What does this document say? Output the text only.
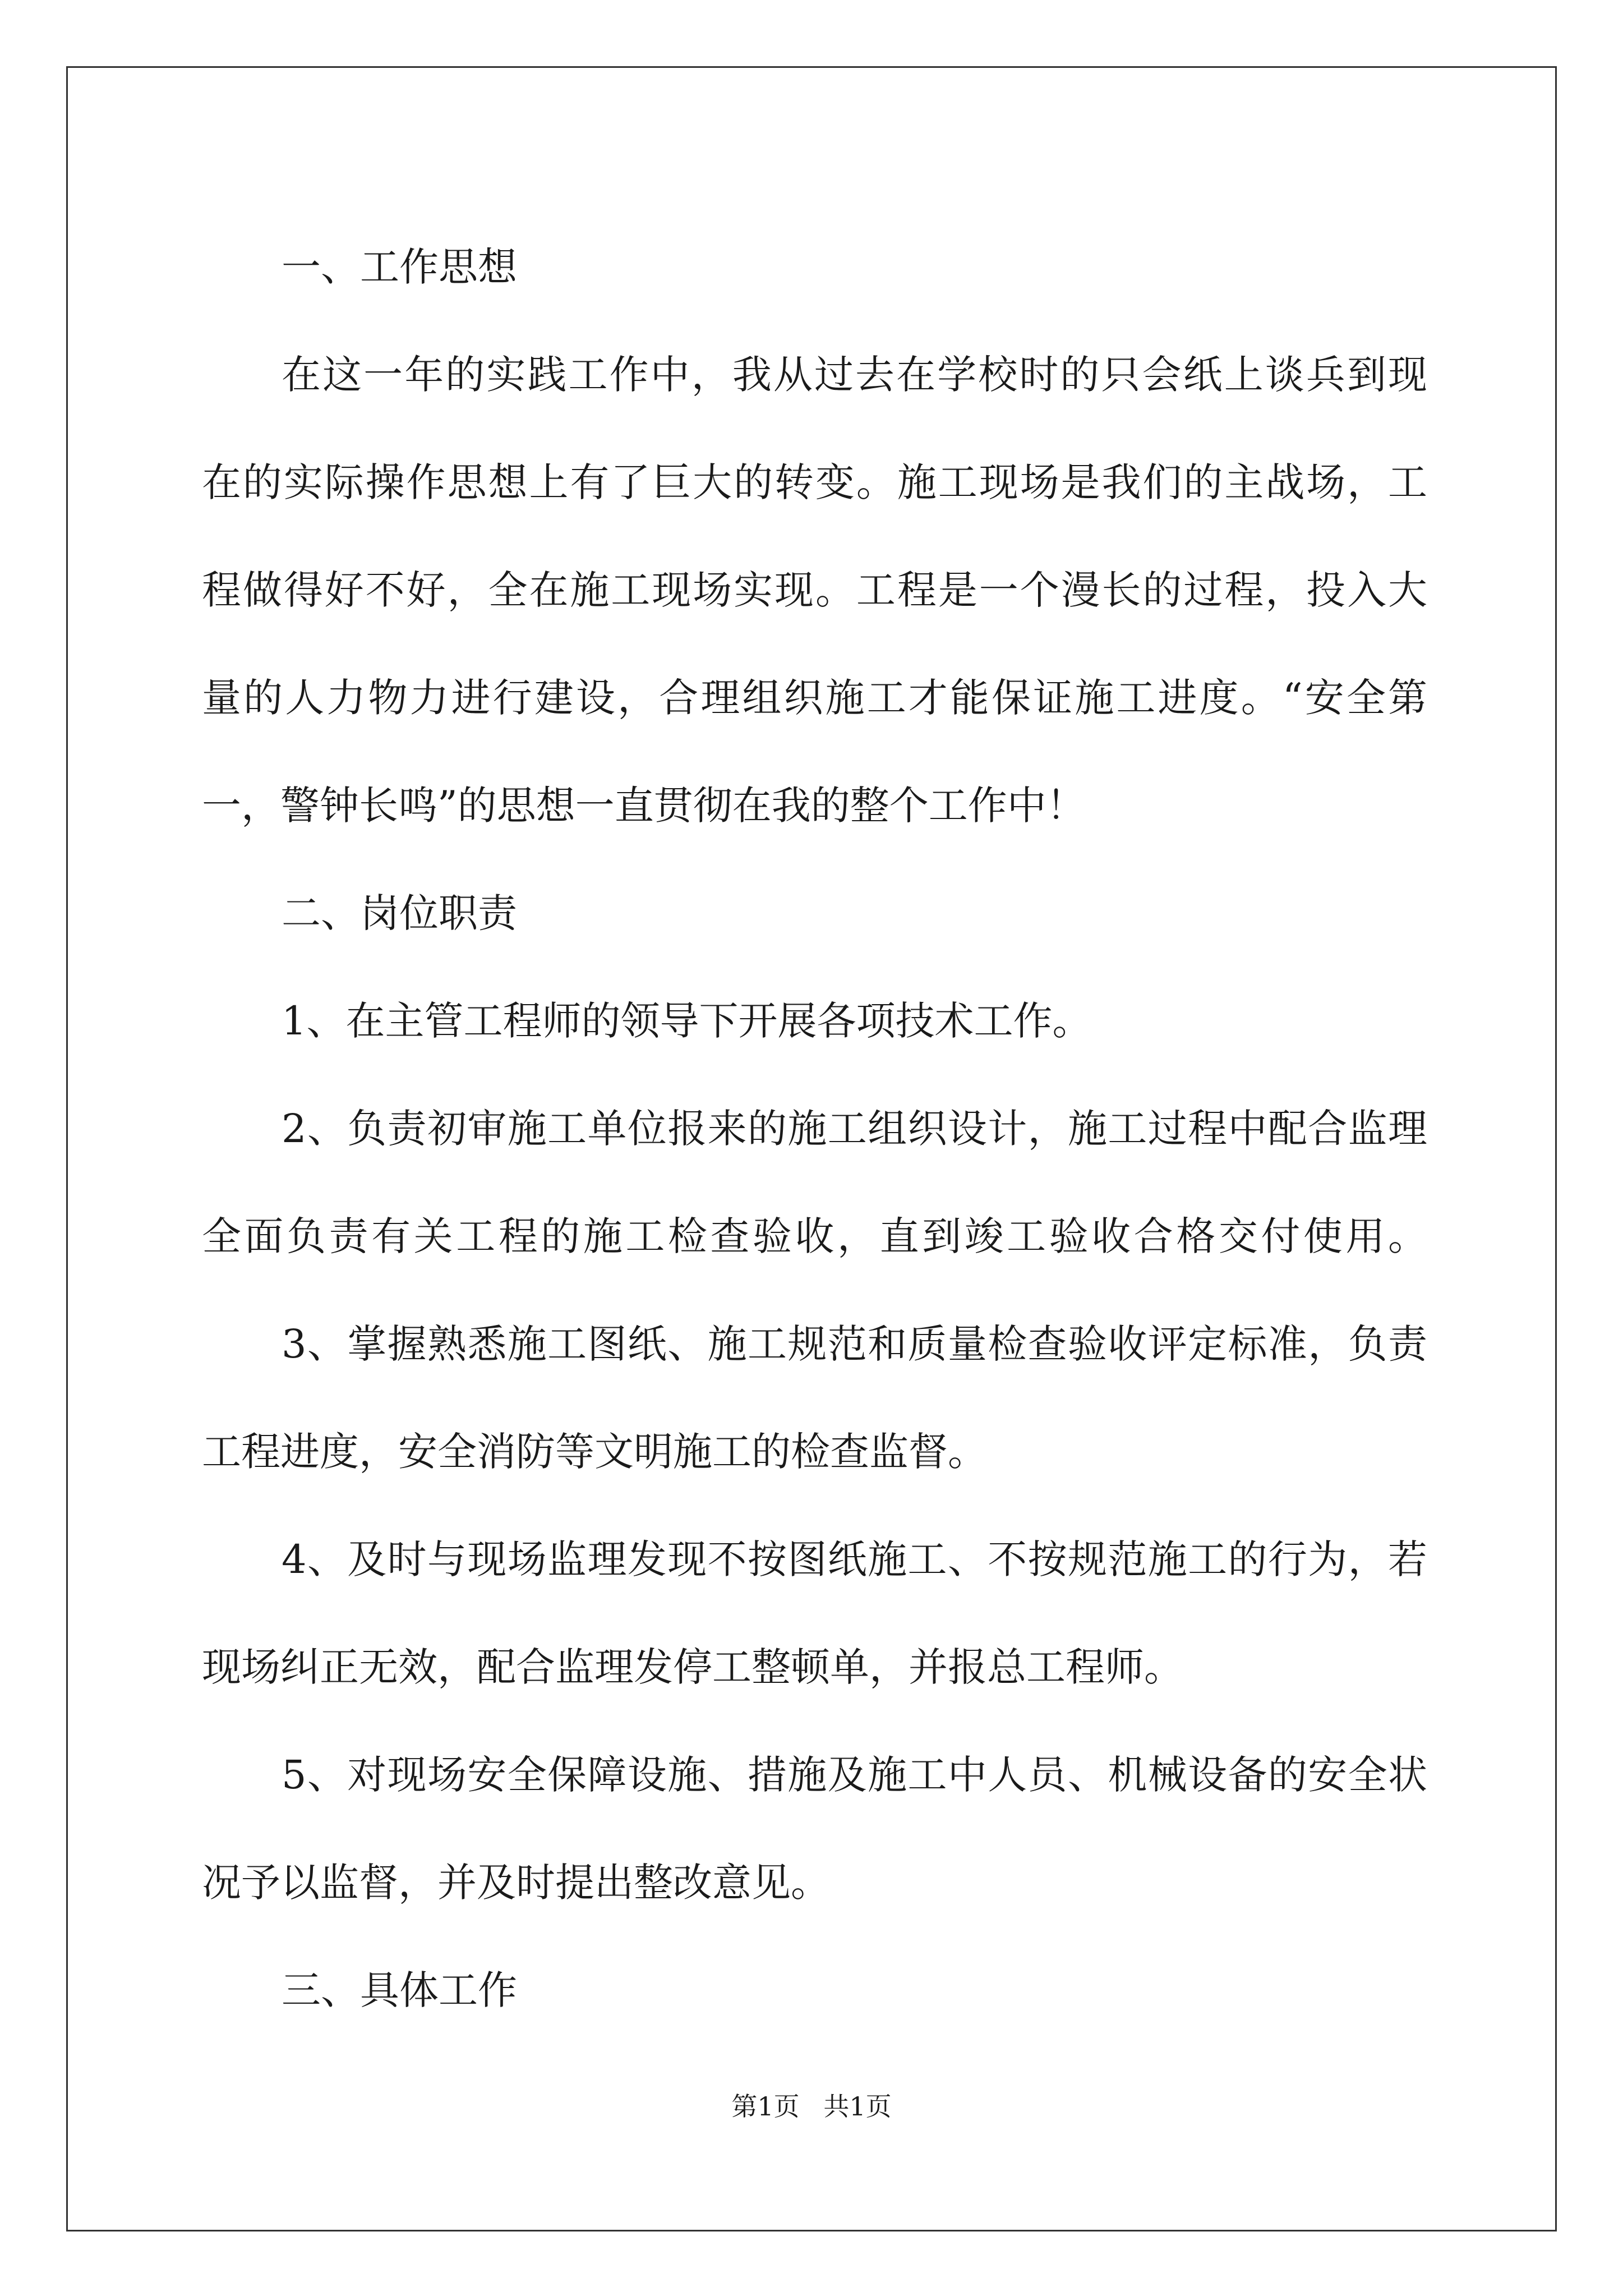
一、工作思想

在这一年的实践工作中，我从过去在学校时的只会纸上谈兵到现

在的实际操作思想上有了巨大的转变。施工现场是我们的主战场，工

程做得好不好，全在施工现场实现。工程是一个漫长的过程，投入大

量的人力物力进行建设，合理组织施工才能保证施工进度。“安全第

一，警钟长鸣”的思想一直贯彻在我的整个工作中！

二、岗位职责

1、在主管工程师的领导下开展各项技术工作。

2、负责初审施工单位报来的施工组织设计，施工过程中配合监理

全面负责有关工程的施工检查验收，直到竣工验收合格交付使用。

3、掌握熟悉施工图纸、施工规范和质量检查验收评定标准，负责

工程进度，安全消防等文明施工的检查监督。

4、及时与现场监理发现不按图纸施工、不按规范施工的行为，若

现场纠正无效，配合监理发停工整顿单，并报总工程师。

5、对现场安全保障设施、措施及施工中人员、机械设备的安全状

况予以监督，并及时提出整改意见。

三、具体工作

第1页 共1页
